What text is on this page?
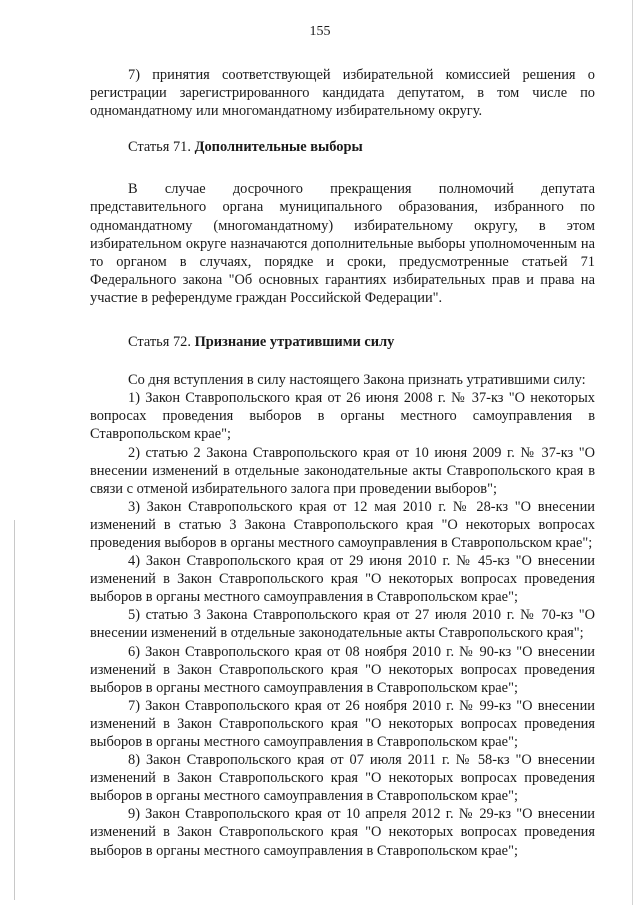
155

7) принятия соответствующей избирательной комиссией решения о регистрации зарегистрированного кандидата депутатом, в том числе по одномандатному или многомандатному избирательному округу.

Статья 71. Дополнительные выборы

В случае досрочного прекращения полномочий депутата представительного органа муниципального образования, избранного по одномандатному (многомандатному) избирательному округу, в этом избирательном округе назначаются дополнительные выборы уполномоченным на то органом в случаях, порядке и сроки, предусмотренные статьей 71 Федерального закона "Об основных гарантиях избирательных прав и права на участие в референдуме граждан Российской Федерации".

Статья 72. Признание утратившими силу

Со дня вступления в силу настоящего Закона признать утратившими силу:

1) Закон Ставропольского края от 26 июня 2008 г. № 37-кз "О некоторых вопросах проведения выборов в органы местного самоуправления в Ставропольском крае";

2) статью 2 Закона Ставропольского края от 10 июня 2009 г. № 37-кз "О внесении изменений в отдельные законодательные акты Ставропольского края в связи с отменой избирательного залога при проведении выборов";

3) Закон Ставропольского края от 12 мая 2010 г. № 28-кз "О внесении изменений в статью 3 Закона Ставропольского края "О некоторых вопросах проведения выборов в органы местного самоуправления в Ставропольском крае";

4) Закон Ставропольского края от 29 июня 2010 г. № 45-кз "О внесении изменений в Закон Ставропольского края "О некоторых вопросах проведения выборов в органы местного самоуправления в Ставропольском крае";

5) статью 3 Закона Ставропольского края от 27 июля 2010 г. № 70-кз "О внесении изменений в отдельные законодательные акты Ставропольского края";

6) Закон Ставропольского края от 08 ноября 2010 г. № 90-кз "О внесении изменений в Закон Ставропольского края "О некоторых вопросах проведения выборов в органы местного самоуправления в Ставропольском крае";

7) Закон Ставропольского края от 26 ноября 2010 г. № 99-кз "О внесении изменений в Закон Ставропольского края "О некоторых вопросах проведения выборов в органы местного самоуправления в Ставропольском крае";

8) Закон Ставропольского края от 07 июля 2011 г. № 58-кз "О внесении изменений в Закон Ставропольского края "О некоторых вопросах проведения выборов в органы местного самоуправления в Ставропольском крае";

9) Закон Ставропольского края от 10 апреля 2012 г. № 29-кз "О внесении изменений в Закон Ставропольского края "О некоторых вопросах проведения выборов в органы местного самоуправления в Ставропольском крае";
